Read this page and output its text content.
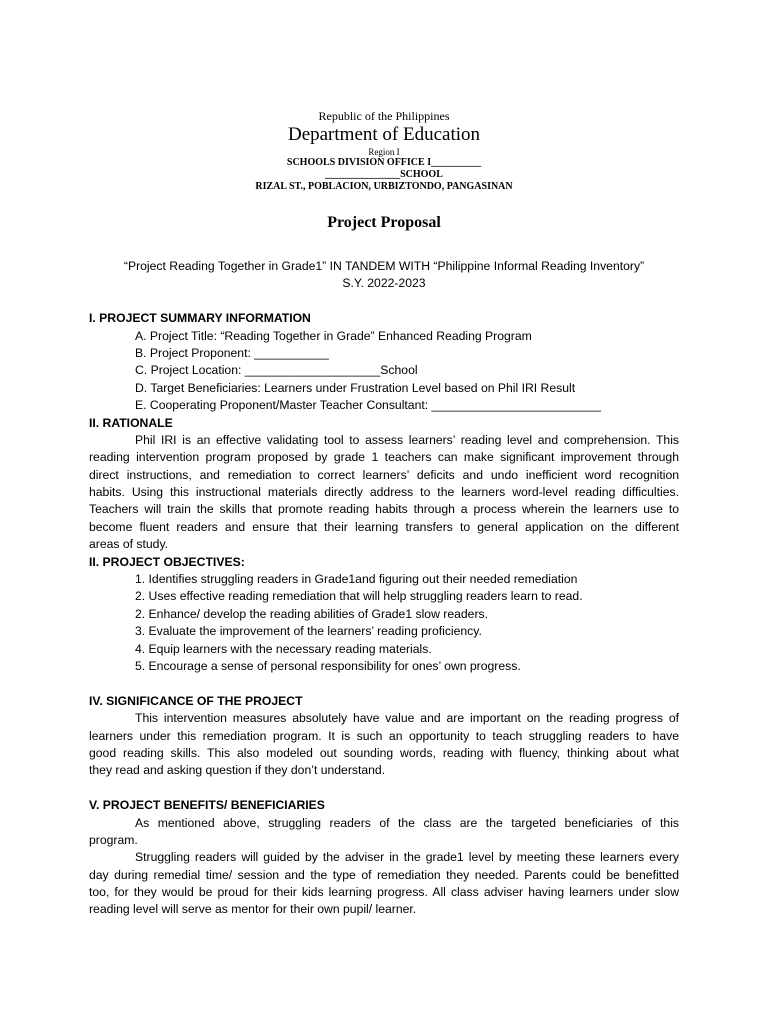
Republic of the Philippines
Department of Education
Region I
SCHOOLS DIVISION OFFICE I__________
_______________SCHOOL
RIZAL ST., POBLACION, URBIZTONDO, PANGASINAN
Project Proposal
“Project Reading Together in Grade1” IN TANDEM WITH “Philippine Informal Reading Inventory”
S.Y. 2022-2023
I. PROJECT SUMMARY INFORMATION
A. Project Title: “Reading Together in Grade” Enhanced Reading Program
B. Project Proponent: ___________
C. Project Location: ____________________School
D. Target Beneficiaries: Learners under Frustration Level based on Phil IRI Result
E. Cooperating Proponent/Master Teacher Consultant: _________________________
II. RATIONALE
Phil IRI is an effective validating tool to assess learners’ reading level and comprehension. This
reading intervention program proposed by grade 1 teachers can make significant improvement through
direct instructions, and remediation to correct learners’ deficits and undo inefficient word recognition
habits. Using this instructional materials directly address to the learners word-level reading difficulties.
Teachers will train the skills that promote reading habits through a process wherein the learners use to
become fluent readers and ensure that their learning transfers to general application on the different
areas of study.
II. PROJECT OBJECTIVES:
1. Identifies struggling readers in Grade1and figuring out their needed remediation
2. Uses effective reading remediation that will help struggling readers learn to read.
2. Enhance/ develop the reading abilities of Grade1 slow readers.
3. Evaluate the improvement of the learners’ reading proficiency.
4. Equip learners with the necessary reading materials.
5. Encourage a sense of personal responsibility for ones’ own progress.
IV. SIGNIFICANCE OF THE PROJECT
This intervention measures absolutely have value and are important on the reading progress of
learners under this remediation program. It is such an opportunity to teach struggling readers to have
good reading skills. This also modeled out sounding words, reading with fluency, thinking about what
they read and asking question if they don’t understand.
V. PROJECT BENEFITS/ BENEFICIARIES
As mentioned above, struggling readers of the class are the targeted beneficiaries of this
program.
Struggling readers will guided by the adviser in the grade1 level by meeting these learners every
day during remedial time/ session and the type of remediation they needed. Parents could be benefitted
too, for they would be proud for their kids learning progress. All class adviser having learners under slow
reading level will serve as mentor for their own pupil/ learner.
